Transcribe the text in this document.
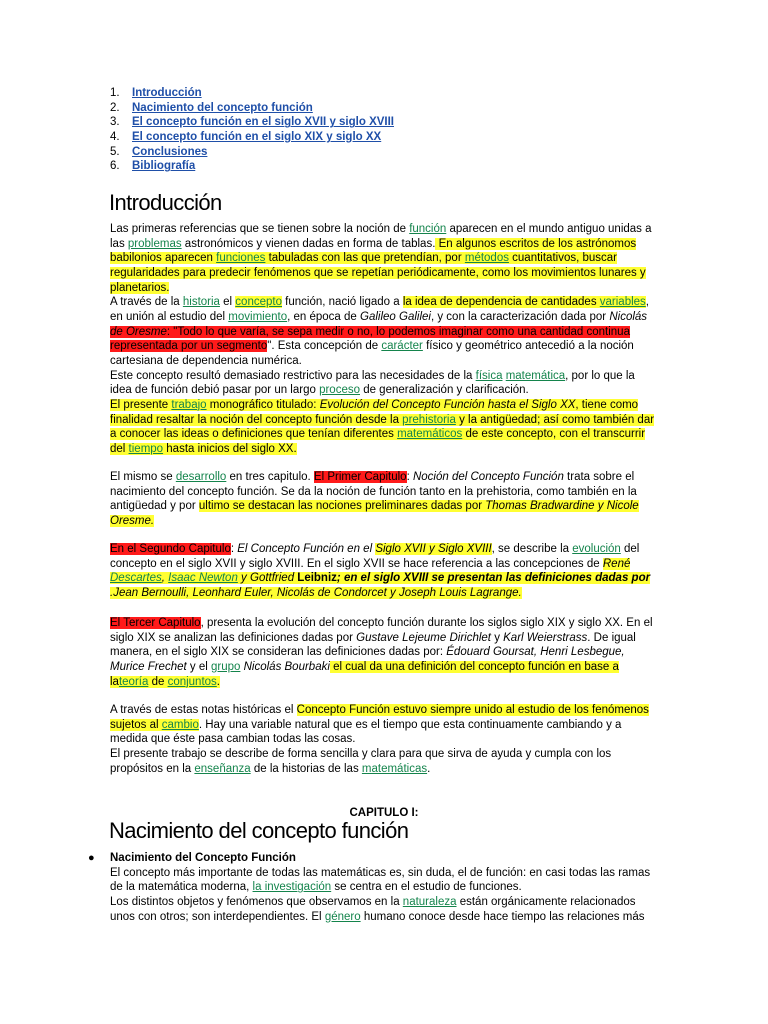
1. Introducción
2. Nacimiento del concepto función
3. El concepto función en el siglo XVII y siglo XVIII
4. El concepto función en el siglo XIX y siglo XX
5. Conclusiones
6. Bibliografía
Introducción

Las primeras referencias que se tienen sobre la noción de función aparecen en el mundo antiguo unidas a las problemas astronómicos y vienen dadas en forma de tablas. En algunos escritos de los astrónomos babilonios aparecen funciones tabuladas con las que pretendían, por métodos cuantitativos, buscar regularidades para predecir fenómenos que se repetían periódicamente, como los movimientos lunares y planetarios.

A través de la historia el concepto función, nació ligado a la idea de dependencia de cantidades variables, en unión al estudio del movimiento, en época de Galileo Galilei, y con la caracterización dada por Nicolás de Oresme: "Todo lo que varía, se sepa medir o no, lo podemos imaginar como una cantidad continua representada por un segmento". Esta concepción de carácter físico y geométrico antecedió a la noción cartesiana de dependencia numérica.

Este concepto resultó demasiado restrictivo para las necesidades de la física matemática, por lo que la idea de función debió pasar por un largo proceso de generalización y clarificación.

El presente trabajo monográfico titulado: Evolución del Concepto Función hasta el Siglo XX, tiene como finalidad resaltar la noción del concepto función desde la prehistoria y la antigüedad; así como también dar a conocer las ideas o definiciones que tenían diferentes matemáticos de este concepto, con el transcurrir del tiempo hasta inicios del siglo XX.

El mismo se desarrollo en tres capitulo. El Primer Capitulo: Noción del Concepto Función trata sobre el nacimiento del concepto función. Se da la noción de función tanto en la prehistoria, como también en la antigüedad y por ultimo se destacan las nociones preliminares dadas por Thomas Bradwardine y Nicole Oresme.

En el Segundo Capitulo: El Concepto Función en el Siglo XVII y Siglo XVIII, se describe la evolución del concepto en el siglo XVII y siglo XVIII. En el siglo XVII se hace referencia a las concepciones de René Descartes, Isaac Newton y Gottfried Leibniz; en el siglo XVIII se presentan las definiciones dadas por .Jean Bernoulli, Leonhard Euler, Nicolás de Condorcet y Joseph Louis Lagrange.

El Tercer Capitulo, presenta la evolución del concepto función durante los siglos siglo XIX y siglo XX. En el siglo XIX se analizan las definiciones dadas por Gustave Lejeume Dirichlet y Karl Weierstrass. De igual manera, en el siglo XIX se consideran las definiciones dadas por: Édouard Goursat, Henri Lesbegue, Murice Frechet y el grupo Nicolás Bourbaki el cual da una definición del concepto función en base a lateoría de conjuntos.

A través de estas notas históricas el Concepto Función estuvo siempre unido al estudio de los fenómenos sujetos al cambio. Hay una variable natural que es el tiempo que esta continuamente cambiando y a medida que éste pasa cambian todas las cosas.

El presente trabajo se describe de forma sencilla y clara para que sirva de ayuda y cumpla con los propósitos en la enseñanza de la historias de las matemáticas.

CAPITULO I:
Nacimiento del concepto función
● Nacimiento del Concepto Función

El concepto más importante de todas las matemáticas es, sin duda, el de función: en casi todas las ramas de la matemática moderna, la investigación se centra en el estudio de funciones.

Los distintos objetos y fenómenos que observamos en la naturaleza están orgánicamente relacionados unos con otros; son interdependientes. El género humano conoce desde hace tiempo las relaciones más
